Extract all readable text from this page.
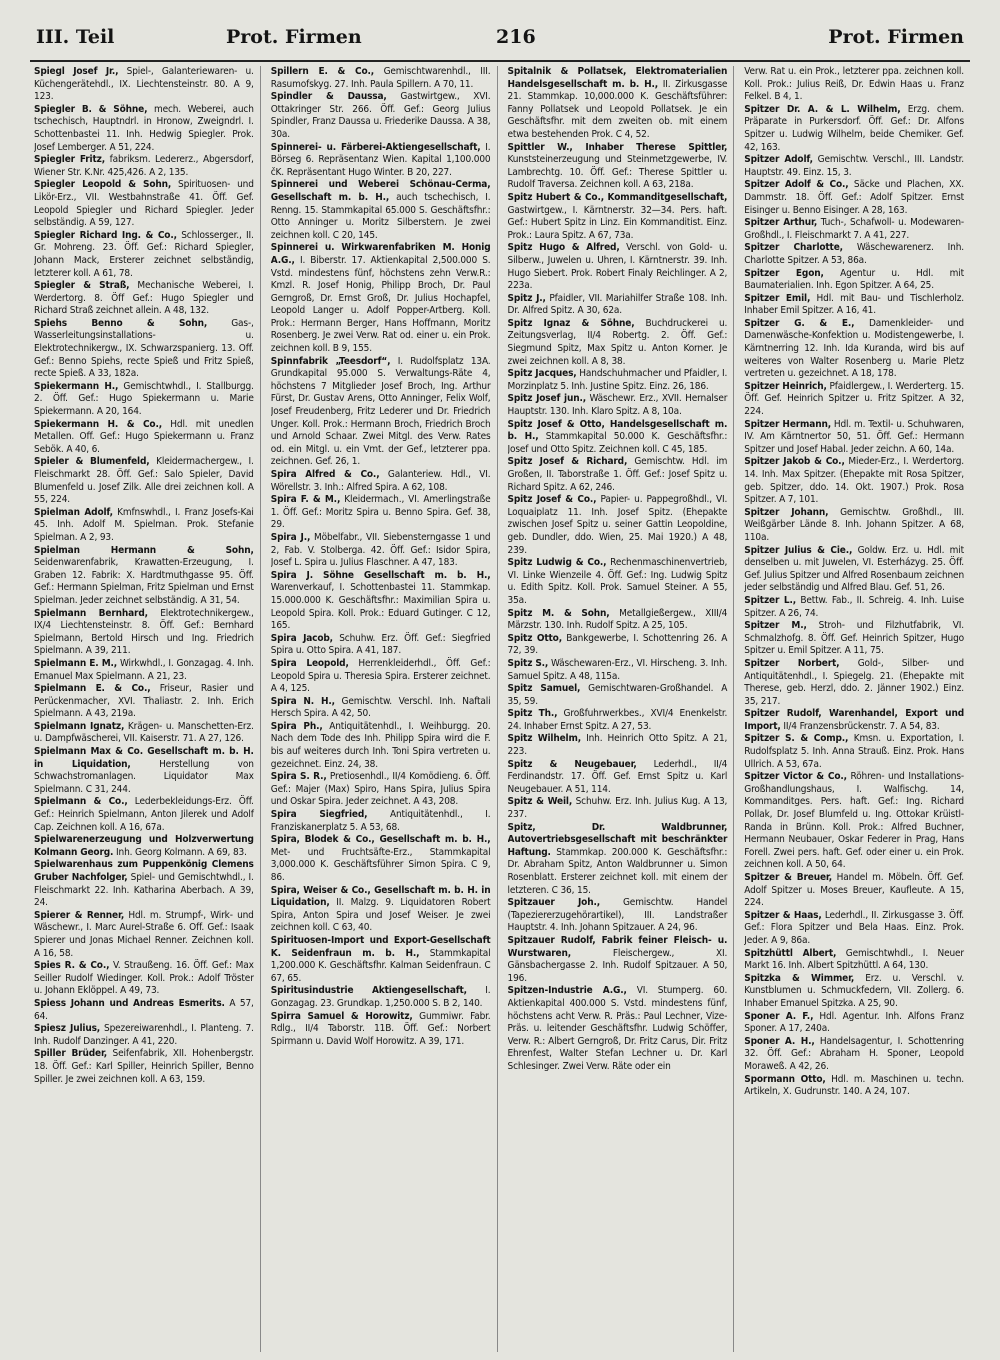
III. Teil	Prot. Firmen	216	Prot. Firmen

Spiegl Josef Jr., Spiel-, Galanteriewaren- u. Küchengerätehdl., IX. Liechtensteinstr. 80. A 9, 123.

Spiegler B. & Söhne, mech. Weberei, auch tschechisch, Hauptndrl. in Hronow, Zweigndrl. I. Schottenbastei 11. Inh. Hedwig Spiegler. Prok. Josef Lemberger. A 51, 224.

Spiegler Fritz, fabriksm. Ledererz., Abgersdorf, Wiener Str. K.Nr. 425,426. A 2, 135.

Spiegler Leopold & Sohn, Spirituosen- und Likör-Erz., VII. Westbahnstraße 41. Öff. Gef. Leopold Spiegler und Richard Spiegler. Jeder selbständig. A 59, 127.

Spiegler Richard Ing. & Co., Schlosserger., II. Gr. Mohreng. 23. Öff. Gef.: Richard Spiegler, Johann Mack, Ersterer zeichnet selbständig, letzterer koll. A 61, 78.

Spiegler & Straß, Mechanische Weberei, I. Werdertorg. 8. Öff Gef.: Hugo Spiegler und Richard Straß zeichnet allein. A 48, 132.

Spiehs Benno & Sohn, Gas-, Wasserleitungsinstallations- u. Elektrotechnikergw., IX. Schwarzspanierg. 13. Off. Gef.: Benno Spiehs, recte Spieß und Fritz Spieß, recte Spieß. A 33, 182a.

Spiekermann H., Gemischtwhdl., I. Stallburgg. 2. Öff. Gef.: Hugo Spiekermann u. Marie Spiekermann. A 20, 164.

Spiekermann H. & Co., Hdl. mit unedlen Metallen. Off. Gef.: Hugo Spiekermann u. Franz Sebök. A 40, 6.

Spieler & Blumenfeld, Kleidermachergew., I. Fleischmarkt 28. Öff. Gef.: Salo Spieler, David Blumenfeld u. Josef Zilk. Alle drei zeichnen koll. A 55, 224.

Spielman Adolf, Kmfnswhdl., I. Franz Josefs-Kai 45. Inh. Adolf M. Spielman. Prok. Stefanie Spielman. A 2, 93.

Spielman Hermann & Sohn, Seidenwarenfabrik, Krawatten-Erzeugung, I. Graben 12. Fabrik: X. Hardtmuthgasse 95. Öff. Gef.: Hermann Spielman, Fritz Spielman und Ernst Spielman. Jeder zeichnet selbständig. A 31, 54.

Spielmann Bernhard, Elektrotechnikergew., IX/4 Liechtensteinstr. 8. Öff. Gef.: Bernhard Spielmann, Bertold Hirsch und Ing. Friedrich Spielmann. A 39, 211.

Spielmann E. M., Wirkwhdl., I. Gonzagag. 4. Inh. Emanuel Max Spielmann. A 21, 23.

Spielmann E. & Co., Friseur, Rasier und Perückenmacher, XVI. Thaliastr. 2. Inh. Erich Spielmann. A 43, 219a.

Spielmann Ignatz, Krägen- u. Manschetten-Erz. u. Dampfwäscherei, VII. Kaiserstr. 71. A 27, 126.

Spielmann Max & Co. Gesellschaft m. b. H. in Liquidation, Herstellung von Schwachstromanlagen. Liquidator Max Spielmann. C 31, 244.

Spielmann & Co., Lederbekleidungs-Erz. Öff. Gef.: Heinrich Spielmann, Anton Jilerek und Adolf Cap. Zeichnen koll. A 16, 67a.

Spielwarenerzeugung und Holzverwertung Kolmann Georg. Inh. Georg Kolmann. A 69, 83.

Spielwarenhaus zum Puppenkönig Clemens Gruber Nachfolger, Spiel- und Gemischtwhdl., I. Fleischmarkt 22. Inh. Katharina Aberbach. A 39, 24.

Spierer & Renner, Hdl. m. Strumpf-, Wirk- und Wäschewr., I. Marc Aurel-Straße 6. Off. Gef.: Isaak Spierer und Jonas Michael Renner. Zeichnen koll. A 16, 58.

Spies R. & Co., V. Straußeng. 16. Öff. Gef.: Max Seiller Rudolf Wiedinger. Koll. Prok.: Adolf Tröster u. Johann Eklöppel. A 49, 73.

Spiess Johann und Andreas Esmerits. A 57, 64.

Spiesz Julius, Spezereiwarenhdl., I. Planteng. 7. Inh. Rudolf Danzinger. A 41, 220.

Spiller Brüder, Seifenfabrik, XII. Hohenbergstr. 18. Öff. Gef.: Karl Spiller, Heinrich Spiller, Benno Spiller. Je zwei zeichnen koll. A 63, 159.

Spillern E. & Co., Gemischtwarenhdl., III. Rasumofskyg. 27. Inh. Paula Spillern. A 70, 11.

Spindler & Daussa, Gastwirtgew., XVI. Ottakringer Str. 266. Öff. Gef.: Georg Julius Spindler, Franz Daussa u. Friederike Daussa. A 38, 30a.

Spinnerei- u. Färberei-Aktiengesellschaft, I. Börseg 6. Repräsentanz Wien. Kapital 1,100.000 čK. Repräsentant Hugo Winter. B 20, 227.

Spinnerei und Weberei Schönau-Cerma, Gesellschaft m. b. H., auch tschechisch, I. Renng. 15. Stammkapital 65.000 S. Geschäftsfhr.: Otto Anninger u. Moritz Silberstern. Je zwei zeichnen koll. C 20, 145.

Spinnerei u. Wirkwarenfabriken M. Honig A.G., I. Biberstr. 17. Aktienkapital 2,500.000 S. Vstd. mindestens fünf, höchstens zehn Verw.R.: Kmzl. R. Josef Honig, Philipp Broch, Dr. Paul Gerngroß, Dr. Ernst Groß, Dr. Julius Hochapfel, Leopold Langer u. Adolf Popper-Artberg. Koll. Prok.: Hermann Berger, Hans Hoffmann, Moritz Rosenberg. Je zwei Verw. Rat od. einer u. ein Prok. zeichnen koll. B 9, 155.

Spinnfabrik „Teesdorf“, I. Rudolfsplatz 13A. Grundkapital 95.000 S. Verwaltungs-Räte 4, höchstens 7 Mitglieder Josef Broch, Ing. Arthur Fürst, Dr. Gustav Arens, Otto Anninger, Felix Wolf, Josef Freudenberg, Fritz Lederer und Dr. Friedrich Unger. Koll. Prok.: Hermann Broch, Friedrich Broch und Arnold Schaar. Zwei Mitgl. des Verw. Rates od. ein Mitgl. u. ein Vmt. der Gef., letzterer ppa. zeichnen. Gef. 26, 1.

Spira Alfred & Co., Galanteriew. Hdl., VI. Wörellstr. 3. Inh.: Alfred Spira. A 62, 108.

Spira F. & M., Kleidermach., VI. Amerlingstraße 1. Öff. Gef.: Moritz Spira u. Benno Spira. Gef. 38, 29.

Spira J., Möbelfabr., VII. Siebensterngasse 1 und 2, Fab. V. Stolberga. 42. Öff. Gef.: Isidor Spira, Josef L. Spira u. Julius Flaschner. A 47, 183.

Spira J. Söhne Gesellschaft m. b. H., Warenverkauf, I. Schottenbastei 11. Stammkap. 15.000.000 K. Geschäftsfhr.: Maximilian Spira u. Leopold Spira. Koll. Prok.: Eduard Gutinger. C 12, 165.

Spira Jacob, Schuhw. Erz. Öff. Gef.: Siegfried Spira u. Otto Spira. A 41, 187.

Spira Leopold, Herrenkleiderhdl., Öff. Gef.: Leopold Spira u. Theresia Spira. Ersterer zeichnet. A 4, 125.

Spira N. H., Gemischtw. Verschl. Inh. Naftali Hersch Spira. A 42, 50.

Spira Ph., Antiquitätenhdl., I. Weihburgg. 20. Nach dem Tode des Inh. Philipp Spira wird die F. bis auf weiteres durch Inh. Toni Spira vertreten u. gezeichnet. Einz. 24, 38.

Spira S. R., Pretiosenhdl., II/4 Komödieng. 6. Öff. Gef.: Majer (Max) Spiro, Hans Spira, Julius Spira und Oskar Spira. Jeder zeichnet. A 43, 208.

Spira Siegfried, Antiquitätenhdl., I. Franziskanerplatz 5. A 53, 68.

Spira, Blodek & Co., Gesellschaft m. b. H., Met- und Fruchtsäfte-Erz., Stammkapital 3,000.000 K. Geschäftsführer Simon Spira. C 9, 86.

Spira, Weiser & Co., Gesellschaft m. b. H. in Liquidation, II. Malzg. 9. Liquidatoren Robert Spira, Anton Spira und Josef Weiser. Je zwei zeichnen koll. C 63, 40.

Spirituosen-Import und Export-Gesellschaft K. Seidenfraun m. b. H., Stammkapital 1,200.000 K. Geschäftsfhr. Kalman Seidenfraun. C 67, 65.

Spiritusindustrie Aktiengesellschaft, I. Gonzagag. 23. Grundkap. 1,250.000 S. B 2, 140.

Spirra Samuel & Horowitz, Gummiwr. Fabr. Rdlg., II/4 Taborstr. 11B. Öff. Gef.: Norbert Spirmann u. David Wolf Horowitz. A 39, 171.

Spitalnik & Pollatsek, Elektromaterialien Handelsgesellschaft m. b. H., II. Zirkusgasse 21. Stammkap. 10,000.000 K. Geschäftsführer: Fanny Pollatsek und Leopold Pollatsek. Je ein Geschäftsfhr. mit dem zweiten ob. mit einem etwa bestehenden Prok. C 4, 52.

Spittler W., Inhaber Therese Spittler, Kunststeinerzeugung und Steinmetzgewerbe, IV. Lambrechtg. 10. Öff. Gef.: Therese Spittler u. Rudolf Traversa. Zeichnen koll. A 63, 218a.

Spitz Hubert & Co., Kommanditgesellschaft, Gastwirtgew., I. Kärntnerstr. 32—34. Pers. haft. Gef.: Hubert Spitz in Linz. Ein Kommanditist. Einz. Prok.: Laura Spitz. A 67, 73a.

Spitz Hugo & Alfred, Verschl. von Gold- u. Silberw., Juwelen u. Uhren, I. Kärntnerstr. 39. Inh. Hugo Siebert. Prok. Robert Finaly Reichlinger. A 2, 223a.

Spitz J., Pfaidler, VII. Mariahilfer Straße 108. Inh. Dr. Alfred Spitz. A 30, 62a.

Spitz Ignaz & Söhne, Buchdruckerei u. Zeitungsverlag, II/4 Robertg. 2. Öff. Gef.: Siegmund Spitz, Max Spitz u. Anton Korner. Je zwei zeichnen koll. A 8, 38.

Spitz Jacques, Handschuhmacher und Pfaidler, I. Morzinplatz 5. Inh. Justine Spitz. Einz. 26, 186.

Spitz Josef jun., Wäschewr. Erz., XVII. Hernalser Hauptstr. 130. Inh. Klaro Spitz. A 8, 10a.

Spitz Josef & Otto, Handelsgesellschaft m. b. H., Stammkapital 50.000 K. Geschäftsfhr.: Josef und Otto Spitz. Zeichnen koll. C 45, 185.

Spitz Josef & Richard, Gemischtw. Hdl. im Großen, II. Taborstraße 1. Öff. Gef.: Josef Spitz u. Richard Spitz. A 62, 246.

Spitz Josef & Co., Papier- u. Pappegroßhdl., VI. Loquaiplatz 11. Inh. Josef Spitz. (Ehepakte zwischen Josef Spitz u. seiner Gattin Leopoldine, geb. Dundler, ddo. Wien, 25. Mai 1920.) A 48, 239.

Spitz Ludwig & Co., Rechenmaschinenvertrieb, VI. Linke Wienzeile 4. Öff. Gef.: Ing. Ludwig Spitz u. Edith Spitz. Koll. Prok. Samuel Steiner. A 55, 35a.

Spitz M. & Sohn, Metallgießergew., XIII/4 Märzstr. 130. Inh. Rudolf Spitz. A 25, 105.

Spitz Otto, Bankgewerbe, I. Schottenring 26. A 72, 39.

Spitz S., Wäschewaren-Erz., VI. Hirscheng. 3. Inh. Samuel Spitz. A 48, 115a.

Spitz Samuel, Gemischtwaren-Großhandel. A 35, 59.

Spitz Th., Großfuhrwerkbes., XVI/4 Enenkelstr. 24. Inhaber Ernst Spitz. A 27, 53.

Spitz Wilhelm, Inh. Heinrich Otto Spitz. A 21, 223.

Spitz & Neugebauer, Lederhdl., II/4 Ferdinandstr. 17. Öff. Gef. Ernst Spitz u. Karl Neugebauer. A 51, 114.

Spitz & Weil, Schuhw. Erz. Inh. Julius Kug. A 13, 237.

Spitz, Dr. Waldbrunner, Autovertriebsgesellschaft mit beschränkter Haftung. Stammkap. 200.000 K. Geschäftsfhr.: Dr. Abraham Spitz, Anton Waldbrunner u. Simon Rosenblatt. Ersterer zeichnet koll. mit einem der letzteren. C 36, 15.

Spitzauer Joh., Gemischtw. Handel (Tapeziererzugehörartikel), III. Landstraßer Hauptstr. 4. Inh. Johann Spitzauer. A 24, 96.

Spitzauer Rudolf, Fabrik feiner Fleisch- u. Wurstwaren, Fleischergew., XI. Gänsbachergasse 2. Inh. Rudolf Spitzauer. A 50, 196.

Spitzen-Industrie A.G., VI. Stumperg. 60. Aktienkapital 400.000 S. Vstd. mindestens fünf, höchstens acht Verw. R. Präs.: Paul Lechner, Vize-Präs. u. leitender Geschäftsfhr. Ludwig Schöffer, Verw. R.: Albert Gerngroß, Dr. Fritz Carus, Dir. Fritz Ehrenfest, Walter Stefan Lechner u. Dr. Karl Schlesinger. Zwei Verw. Räte oder ein

Verw. Rat u. ein Prok., letzterer ppa. zeichnen koll. Koll. Prok.: Julius Reiß, Dr. Edwin Haas u. Franz Felkel. B 4, 1.

Spitzer Dr. A. & L. Wilhelm, Erzg. chem. Präparate in Purkersdorf. Öff. Gef.: Dr. Alfons Spitzer u. Ludwig Wilhelm, beide Chemiker. Gef. 42, 163.

Spitzer Adolf, Gemischtw. Verschl., III. Landstr. Hauptstr. 49. Einz. 15, 3.

Spitzer Adolf & Co., Säcke und Plachen, XX. Dammstr. 18. Öff. Gef.: Adolf Spitzer. Ernst Eisinger u. Benno Eisinger. A 28, 163.

Spitzer Arthur, Tuch-, Schafwoll- u. Modewaren-Großhdl., I. Fleischmarkt 7. A 41, 227.

Spitzer Charlotte, Wäschewarenerz. Inh. Charlotte Spitzer. A 53, 86a.

Spitzer Egon, Agentur u. Hdl. mit Baumaterialien. Inh. Egon Spitzer. A 64, 25.

Spitzer Emil, Hdl. mit Bau- und Tischlerholz. Inhaber Emil Spitzer. A 16, 41.

Spitzer G. & E., Damenkleider- und Damenwäsche-Konfektion u. Modistengewerbe, I. Kärntnerring 12. Inh. Ida Kuranda, wird bis auf weiteres von Walter Rosenberg u. Marie Pletz vertreten u. gezeichnet. A 18, 178.

Spitzer Heinrich, Pfaidlergew., I. Werderterg. 15. Öff. Gef. Heinrich Spitzer u. Fritz Spitzer. A 32, 224.

Spitzer Hermann, Hdl. m. Textil- u. Schuhwaren, IV. Am Kärntnertor 50, 51. Öff. Gef.: Hermann Spitzer und Josef Habal. Jeder zeichn. A 60, 14a.

Spitzer Jakob & Co., Mieder-Erz., I. Werdertorg. 14. Inh. Max Spitzer. (Ehepakte mit Rosa Spitzer, geb. Spitzer, ddo. 14. Okt. 1907.) Prok. Rosa Spitzer. A 7, 101.

Spitzer Johann, Gemischtw. Großhdl., III. Weißgärber Lände 8. Inh. Johann Spitzer. A 68, 110a.

Spitzer Julius & Cie., Goldw. Erz. u. Hdl. mit denselben u. mit Juwelen, VI. Esterházyg. 25. Öff. Gef. Julius Spitzer und Alfred Rosenbaum zeichnen jeder selbständig und Alfred Blau. Gef. 51, 26.

Spitzer L., Bettw. Fab., II. Schreig. 4. Inh. Luise Spitzer. A 26, 74.

Spitzer M., Stroh- und Filzhutfabrik, VI. Schmalzhofg. 8. Öff. Gef. Heinrich Spitzer, Hugo Spitzer u. Emil Spitzer. A 11, 75.

Spitzer Norbert, Gold-, Silber- und Antiquitätenhdl., I. Spiegelg. 21. (Ehepakte mit Therese, geb. Herzl, ddo. 2. Jänner 1902.) Einz. 35, 217.

Spitzer Rudolf, Warenhandel, Export und Import, II/4 Franzensbrückenstr. 7. A 54, 83.

Spitzer S. & Comp., Kmsn. u. Exportation, I. Rudolfsplatz 5. Inh. Anna Strauß. Einz. Prok. Hans Ullrich. A 53, 67a.

Spitzer Victor & Co., Röhren- und Installations-Großhandlungshaus, I. Walfischg. 14, Kommanditges. Pers. haft. Gef.: Ing. Richard Pollak, Dr. Josef Blumfeld u. Ing. Ottokar Krüistl-Randa in Brünn. Koll. Prok.: Alfred Buchner, Hermann Neubauer, Oskar Federer in Prag, Hans Forell. Zwei pers. haft. Gef. oder einer u. ein Prok. zeichnen koll. A 50, 64.

Spitzer & Breuer, Handel m. Möbeln. Öff. Gef. Adolf Spitzer u. Moses Breuer, Kaufleute. A 15, 224.

Spitzer & Haas, Lederhdl., II. Zirkusgasse 3. Öff. Gef.: Flora Spitzer und Bela Haas. Einz. Prok. Jeder. A 9, 86a.

Spitzhüttl Albert, Gemischtwhdl., I. Neuer Markt 16. Inh. Albert Spitzhüttl. A 64, 130.

Spitzka & Wimmer, Erz. u. Verschl. v. Kunstblumen u. Schmuckfedern, VII. Zollerg. 6. Inhaber Emanuel Spitzka. A 25, 90.

Sponer A. F., Hdl. Agentur. Inh. Alfons Franz Sponer. A 17, 240a.

Sponer A. H., Handelsagentur, I. Schottenring 32. Öff. Gef.: Abraham H. Sponer, Leopold Moraweß. A 42, 26.

Spormann Otto, Hdl. m. Maschinen u. techn. Artikeln, X. Gudrunstr. 140. A 24, 107.
